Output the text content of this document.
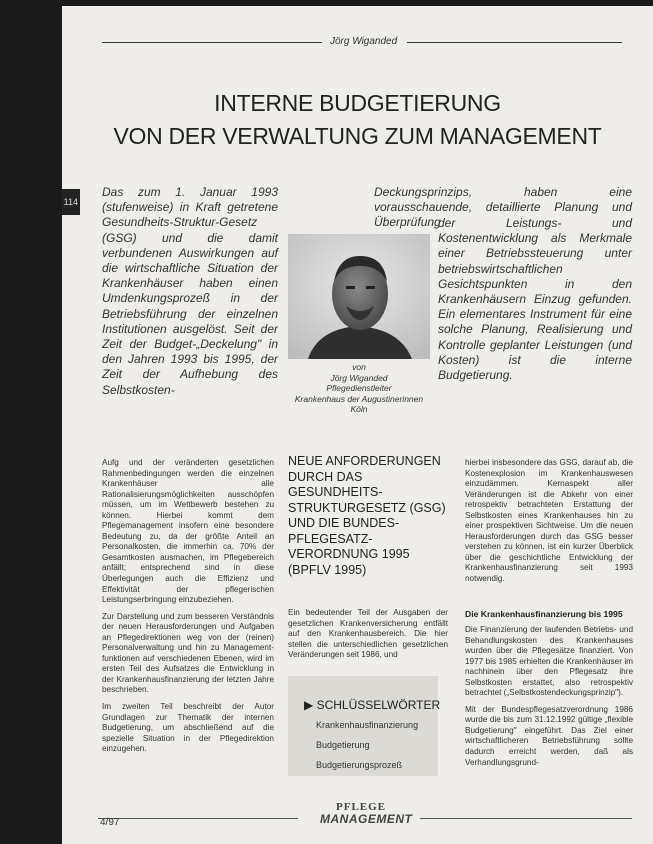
Jörg Wiganded
INTERNE BUDGETIERUNG
VON DER VERWALTUNG ZUM MANAGEMENT
114
Das zum 1. Januar 1993 (stufenweise) in Kraft getretene Gesundheits-Struktur-Gesetz (GSG) und die damit verbundenen Auswirkungen auf die wirtschaftliche Situation der Krankenhäuser haben einen Umdenkungsprozeß in der Betriebsführung der einzelnen Institutionen ausgelöst. Seit der Zeit der Budget-„Deckelung" in den Jahren 1993 bis 1995, der Zeit der Aufhebung des Selbstkosten-
Deckungsprinzips, haben eine vorausschauende, detaillierte Planung und Überprüfung
der Leistungs- und Kostenentwicklung als Merkmale einer Betriebssteuerung unter betriebswirtschaftlichen Gesichtspunkten in den Krankenhäusern Einzug gefunden. Ein elementares Instrument für eine solche Planung, Realisierung und Kontrolle geplanter Leistungen (und Kosten) ist die interne Budgetierung.
von
Jörg Wiganded
Pflegedienstleiter
Krankenhaus der Augustinerinnen
Köln

Aufg und der veränderten gesetzlichen Rahmenbedingungen werden die einzelnen Krankenhäuser alle Rationalisierungsmöglichkeiten ausschöpfen müssen, um im Wettbewerb bestehen zu können. Hierbei kommt dem Pflegemanagement insofern eine besondere Bedeutung zu, da der größte Anteil an Personalkosten, die immerhin ca. 70% der Gesamtkosten ausmachen, im Pflegebereich anfällt; entsprechend sind in diese Überlegungen auch die Effizienz und Effektivität der pflegerischen Leistungserbringung einzubeziehen.

Zur Darstellung und zum besseren Verständnis der neuen Herausforderungen und Aufgaben an Pflegedirektionen weg von der (reinen) Personalverwaltung und hin zu Management-funktionen auf verschiedenen Ebenen, wird im ersten Teil des Aufsatzes die Entwicklung in der Krankenhausfinanzierung der letzten Jahre beschrieben.

Im zweiten Teil beschreibt der Autor Grundlagen zur Thematik der internen Budgetierung, um abschließend auf die spezielle Situation in der Pflegedirektion einzugehen.

NEUE ANFORDERUNGEN DURCH DAS GESUNDHEITS-STRUKTURGESETZ (GSG) UND DIE BUNDES-PFLEGESATZ-VERORDNUNG 1995 (BPFLV 1995)

Ein bedeutender Teil der Ausgaben der gesetzlichen Krankenversicherung entfällt auf den Krankenhausbereich. Die hier stellen die unterschiedlichen gesetzlichen Veränderungen seit 1986, und

▶ SCHLÜSSELWÖRTER
Krankenhausfinanzierung
Budgetierung
Budgetierungsprozeß

hierbei insbesondere das GSG, darauf ab, die Kostenexplosion im Krankenhauswesen einzudämmen. Kernaspekt aller Veränderungen ist die Abkehr von einer retrospektiv betrachteten Erstattung der Selbstkosten eines Krankenhauses hin zu einer prospektiven Sichtweise. Um die neuen Herausforderungen durch das GSG besser verstehen zu können, ist ein kurzer Überblick über die geschichtliche Entwicklung der Krankenhausfinanzierung seit 1993 notwendig.

Die Krankenhausfinanzierung bis 1995

Die Finanzierung der laufenden Betriebs- und Behandlungskosten des Krankenhauses wurden über die Pflegesätze finanziert. Von 1977 bis 1985 erhielten die Krankenhäuser im nachhinein über den Pflegesatz ihre Selbstkosten erstattet, also retrospektiv betrachtet („Selbstkostendeckungsprinzip").

Mit der Bundespflegesatzverordnung 1986 wurde die bis zum 31.12.1992 gültige „flexible Budgetierung" eingeführt. Das Ziel einer wirtschaftlicheren Betriebsführung sollte dadurch erreicht werden, daß als Verhandlungsgrund-

PFLEGE
MANAGEMENT
4/97
